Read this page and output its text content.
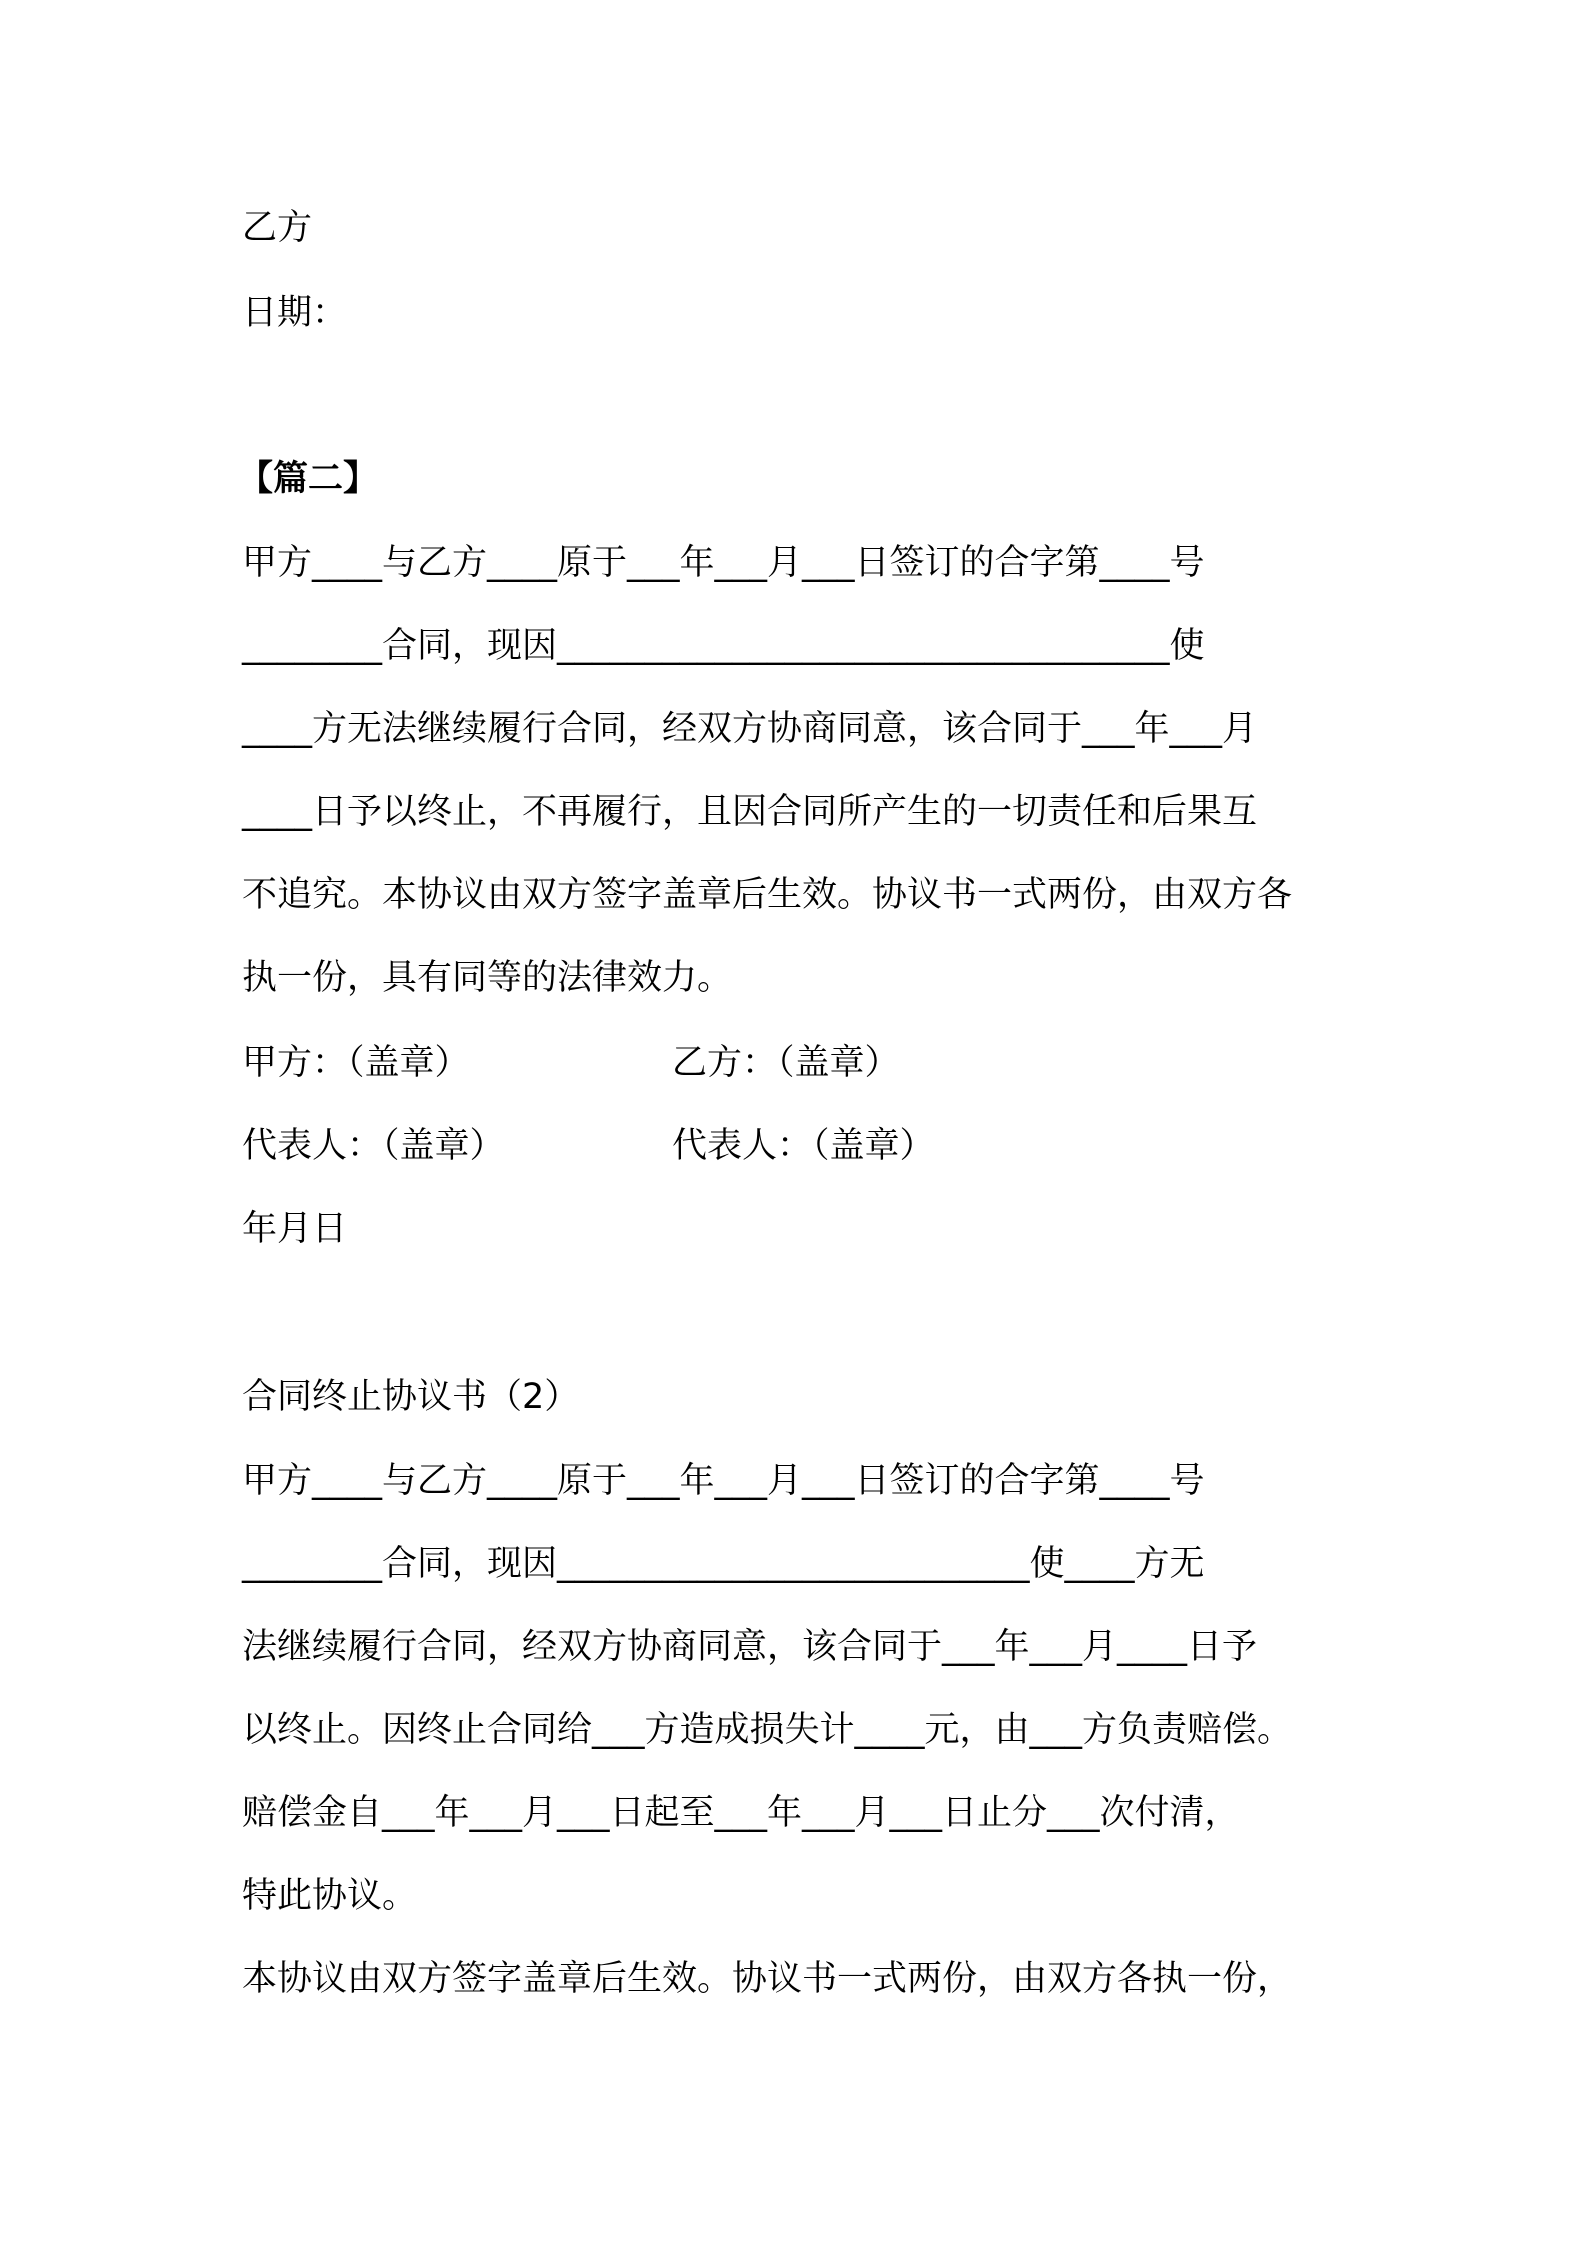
乙方
日期：
【篇二】
甲方____与乙方____原于___年___月___日签订的合字第____号
________合同，现因___________________________________使
____方无法继续履行合同，经双方协商同意，该合同于___年___月
____日予以终止，不再履行，且因合同所产生的一切责任和后果互
不追究。本协议由双方签字盖章后生效。协议书一式两份，由双方各
执一份，具有同等的法律效力。
甲方：（盖章）	乙方：（盖章）
代表人：（盖章）	代表人：（盖章）
年月日
合同终止协议书（2）
甲方____与乙方____原于___年___月___日签订的合字第____号
________合同，现因___________________________使____方无
法继续履行合同，经双方协商同意，该合同于___年___月____日予
以终止。因终止合同给___方造成损失计____元，由___方负责赔偿。
赔偿金自___年___月___日起至___年___月___日止分___次付清，
特此协议。
本协议由双方签字盖章后生效。协议书一式两份，由双方各执一份，
